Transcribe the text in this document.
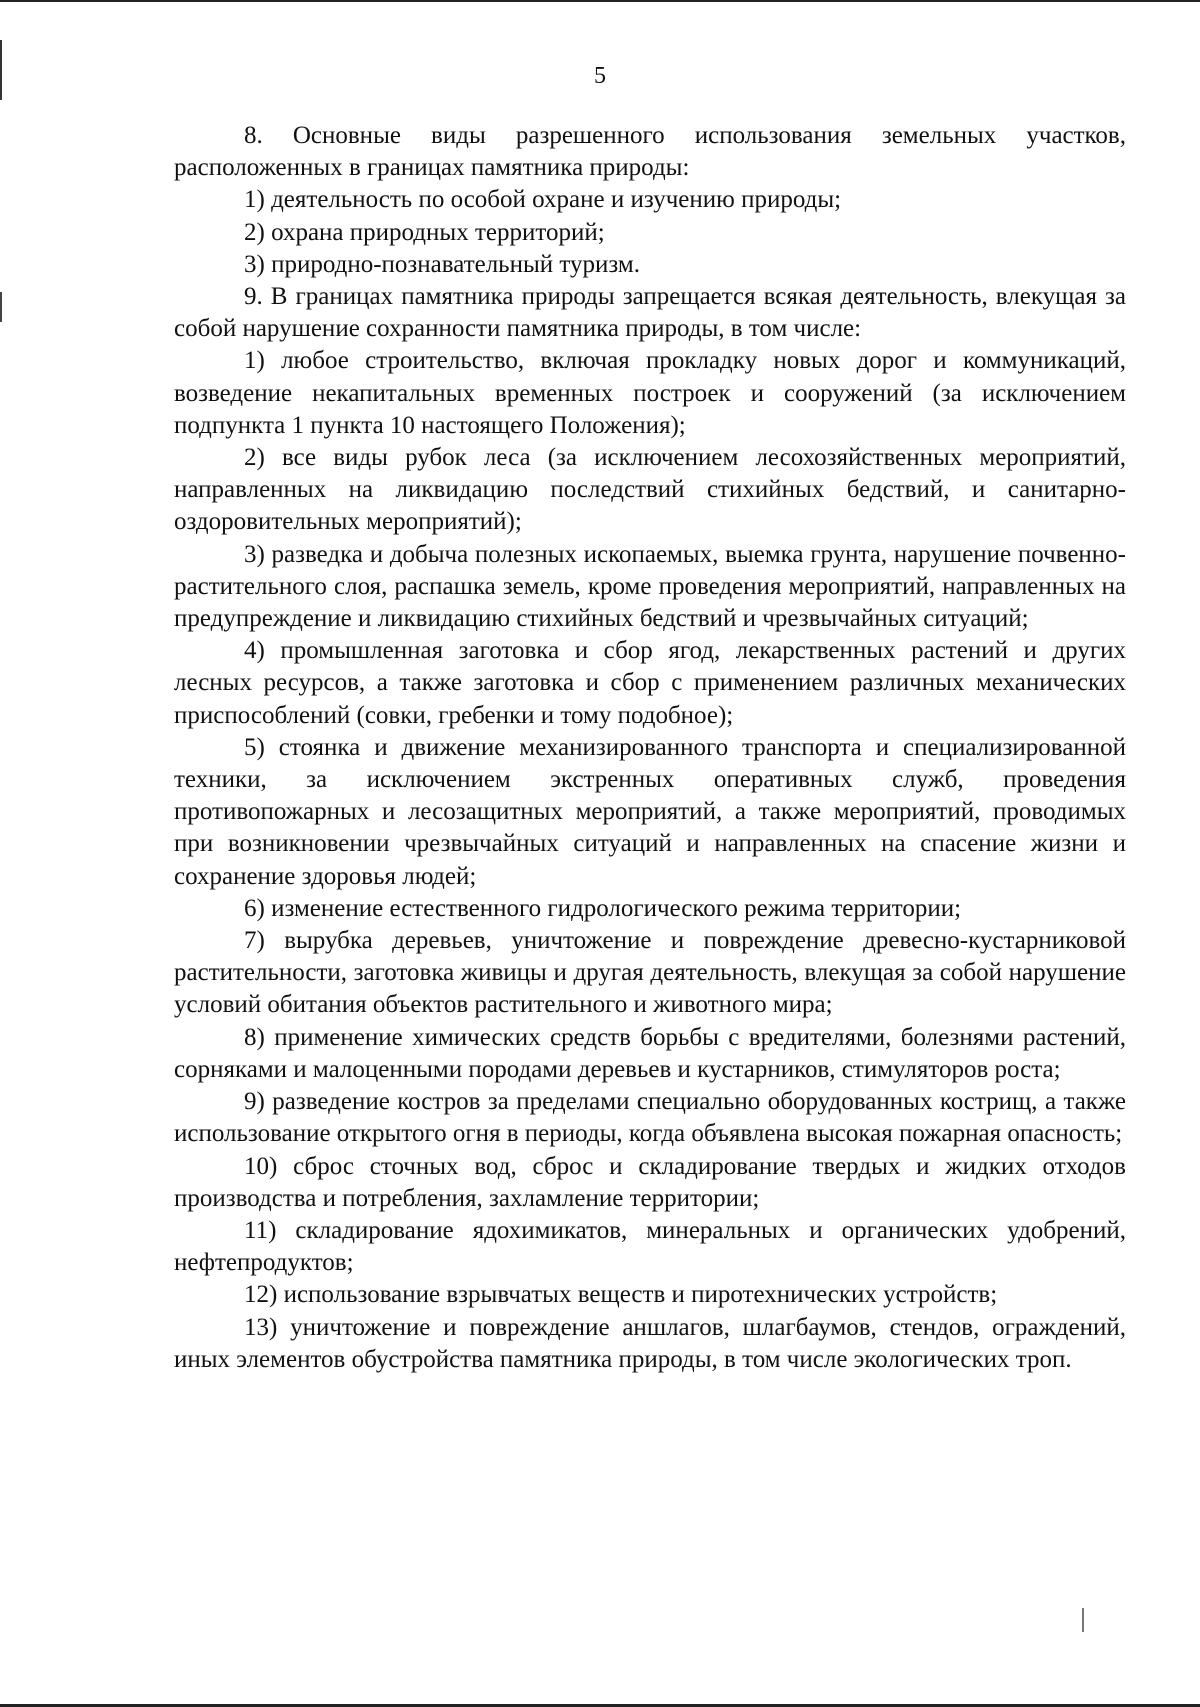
5

8. Основные виды разрешенного использования земельных участков, расположенных в границах памятника природы:

1) деятельность по особой охране и изучению природы;

2) охрана природных территорий;

3) природно-познавательный туризм.

9. В границах памятника природы запрещается всякая деятельность, влекущая за собой нарушение сохранности памятника природы, в том числе:

1) любое строительство, включая прокладку новых дорог и коммуникаций, возведение некапитальных временных построек и сооружений (за исключением подпункта 1 пункта 10 настоящего Положения);

2) все виды рубок леса (за исключением лесохозяйственных мероприятий, направленных на ликвидацию последствий стихийных бедствий, и санитарно-оздоровительных мероприятий);

3) разведка и добыча полезных ископаемых, выемка грунта, нарушение почвенно-растительного слоя, распашка земель, кроме проведения мероприятий, направленных на предупреждение и ликвидацию стихийных бедствий и чрезвычайных ситуаций;

4) промышленная заготовка и сбор ягод, лекарственных растений и других лесных ресурсов, а также заготовка и сбор с применением различных механических приспособлений (совки, гребенки и тому подобное);

5) стоянка и движение механизированного транспорта и специализированной техники, за исключением экстренных оперативных служб, проведения противопожарных и лесозащитных мероприятий, а также мероприятий, проводимых при возникновении чрезвычайных ситуаций и направленных на спасение жизни и сохранение здоровья людей;

6) изменение естественного гидрологического режима территории;

7) вырубка деревьев, уничтожение и повреждение древесно-кустарниковой растительности, заготовка живицы и другая деятельность, влекущая за собой нарушение условий обитания объектов растительного и животного мира;

8) применение химических средств борьбы с вредителями, болезнями растений, сорняками и малоценными породами деревьев и кустарников, стимуляторов роста;

9) разведение костров за пределами специально оборудованных кострищ, а также использование открытого огня в периоды, когда объявлена высокая пожарная опасность;

10) сброс сточных вод, сброс и складирование твердых и жидких отходов производства и потребления, захламление территории;

11) складирование ядохимикатов, минеральных и органических удобрений, нефтепродуктов;

12) использование взрывчатых веществ и пиротехнических устройств;

13) уничтожение и повреждение аншлагов, шлагбаумов, стендов, ограждений, иных элементов обустройства памятника природы, в том числе экологических троп.
